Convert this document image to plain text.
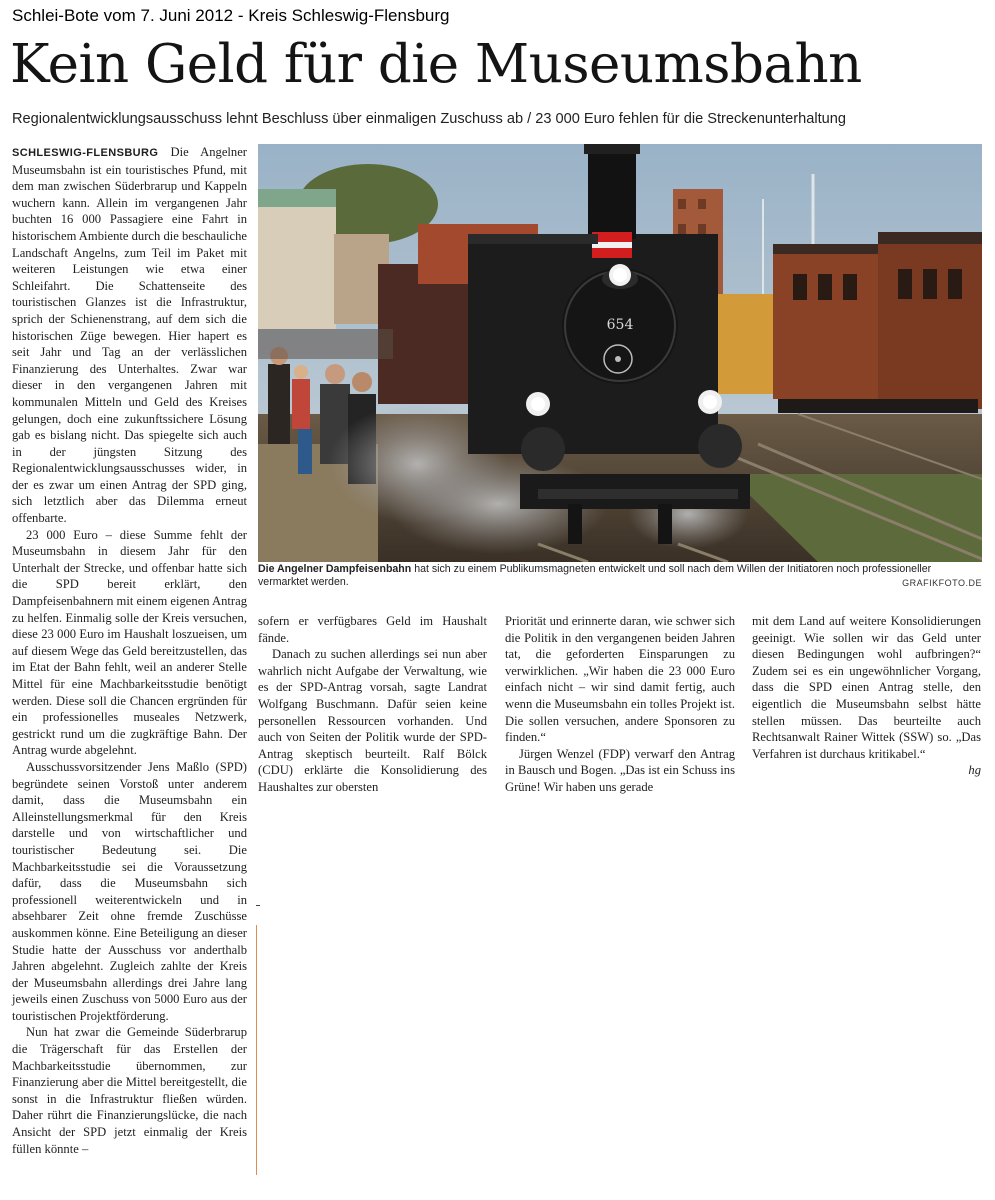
Schlei-Bote vom 7. Juni 2012 - Kreis Schleswig-Flensburg
Kein Geld für die Museumsbahn
Regionalentwicklungsausschuss lehnt Beschluss über einmaligen Zuschuss ab / 23 000 Euro fehlen für die Streckenunterhaltung

SCHLESWIG-FLENSBURG Die Angelner Museumsbahn ist ein touristisches Pfund, mit dem man zwischen Süderbrarup und Kappeln wuchern kann. Allein im vergangenen Jahr buchten 16 000 Passagiere eine Fahrt in historischem Ambiente durch die beschauliche Landschaft Angelns, zum Teil im Paket mit weiteren Leistungen wie etwa einer Schleifahrt. Die Schattenseite des touristischen Glanzes ist die Infrastruktur, sprich der Schienenstrang, auf dem sich die historischen Züge bewegen. Hier hapert es seit Jahr und Tag an der verlässlichen Finanzierung des Unterhaltes. Zwar war dieser in den vergangenen Jahren mit kommunalen Mitteln und Geld des Kreises gelungen, doch eine zukunftssichere Lösung gab es bislang nicht. Das spiegelte sich auch in der jüngsten Sitzung des Regionalentwicklungsausschusses wider, in der es zwar um einen Antrag der SPD ging, sich letztlich aber das Dilemma erneut offenbarte.

23 000 Euro – diese Summe fehlt der Museumsbahn in diesem Jahr für den Unterhalt der Strecke, und offenbar hatte sich die SPD bereit erklärt, den Dampfeisenbahnern mit einem eigenen Antrag zu helfen. Einmalig solle der Kreis versuchen, diese 23 000 Euro im Haushalt loszueisen, um auf diesem Wege das Geld bereitzustellen, das im Etat der Bahn fehlt, weil an anderer Stelle Mittel für eine Machbarkeitsstudie benötigt werden. Diese soll die Chancen ergründen für ein professionelles museales Netzwerk, gestrickt rund um die zugkräftige Bahn. Der Antrag wurde abgelehnt.

Ausschussvorsitzender Jens Maßlo (SPD) begründete seinen Vorstoß unter anderem damit, dass die Museumsbahn ein Alleinstellungsmerkmal für den Kreis darstelle und von wirtschaftlicher und touristischer Bedeutung sei. Die Machbarkeitsstudie sei die Voraussetzung dafür, dass die Museumsbahn sich professionell weiterentwickeln und in absehbarer Zeit ohne fremde Zuschüsse auskommen könne. Eine Beteiligung an dieser Studie hatte der Ausschuss vor anderthalb Jahren abgelehnt. Zugleich zahlte der Kreis der Museumsbahn allerdings drei Jahre lang jeweils einen Zuschuss von 5000 Euro aus der touristischen Projektförderung.

Nun hat zwar die Gemeinde Süderbrarup die Trägerschaft für das Erstellen der Machbarkeitsstudie übernommen, zur Finanzierung aber die Mittel bereitgestellt, die sonst in die Infrastruktur fließen würden. Daher rührt die Finanzierungslücke, die nach Ansicht der SPD jetzt einmalig der Kreis füllen könnte –

654
Die Angelner Dampfeisenbahn hat sich zu einem Publikumsmagneten entwickelt und soll nach dem Willen der Initiatoren noch professioneller vermarktet werden.	GRAFIKFOTO.DE

sofern er verfügbares Geld im Haushalt fände.

Danach zu suchen allerdings sei nun aber wahrlich nicht Aufgabe der Verwaltung, wie es der SPD-Antrag vorsah, sagte Landrat Wolfgang Buschmann. Dafür seien keine personellen Ressourcen vorhanden. Und auch von Seiten der Politik wurde der SPD-Antrag skeptisch beurteilt. Ralf Bölck (CDU) erklärte die Konsolidierung des Haushaltes zur obersten

Priorität und erinnerte daran, wie schwer sich die Politik in den vergangenen beiden Jahren tat, die geforderten Einsparungen zu verwirklichen. „Wir haben die 23 000 Euro einfach nicht – wir sind damit fertig, auch wenn die Museumsbahn ein tolles Projekt ist. Die sollen versuchen, andere Sponsoren zu finden.“

Jürgen Wenzel (FDP) verwarf den Antrag in Bausch und Bogen. „Das ist ein Schuss ins Grüne! Wir haben uns gerade

mit dem Land auf weitere Konsolidierungen geeinigt. Wie sollen wir das Geld unter diesen Bedingungen wohl aufbringen?“ Zudem sei es ein ungewöhnlicher Vorgang, dass die SPD einen Antrag stelle, den eigentlich die Museumsbahn selbst hätte stellen müssen. Das beurteilte auch Rechtsanwalt Rainer Wittek (SSW) so. „Das Verfahren ist durchaus kritikabel.“

hg
